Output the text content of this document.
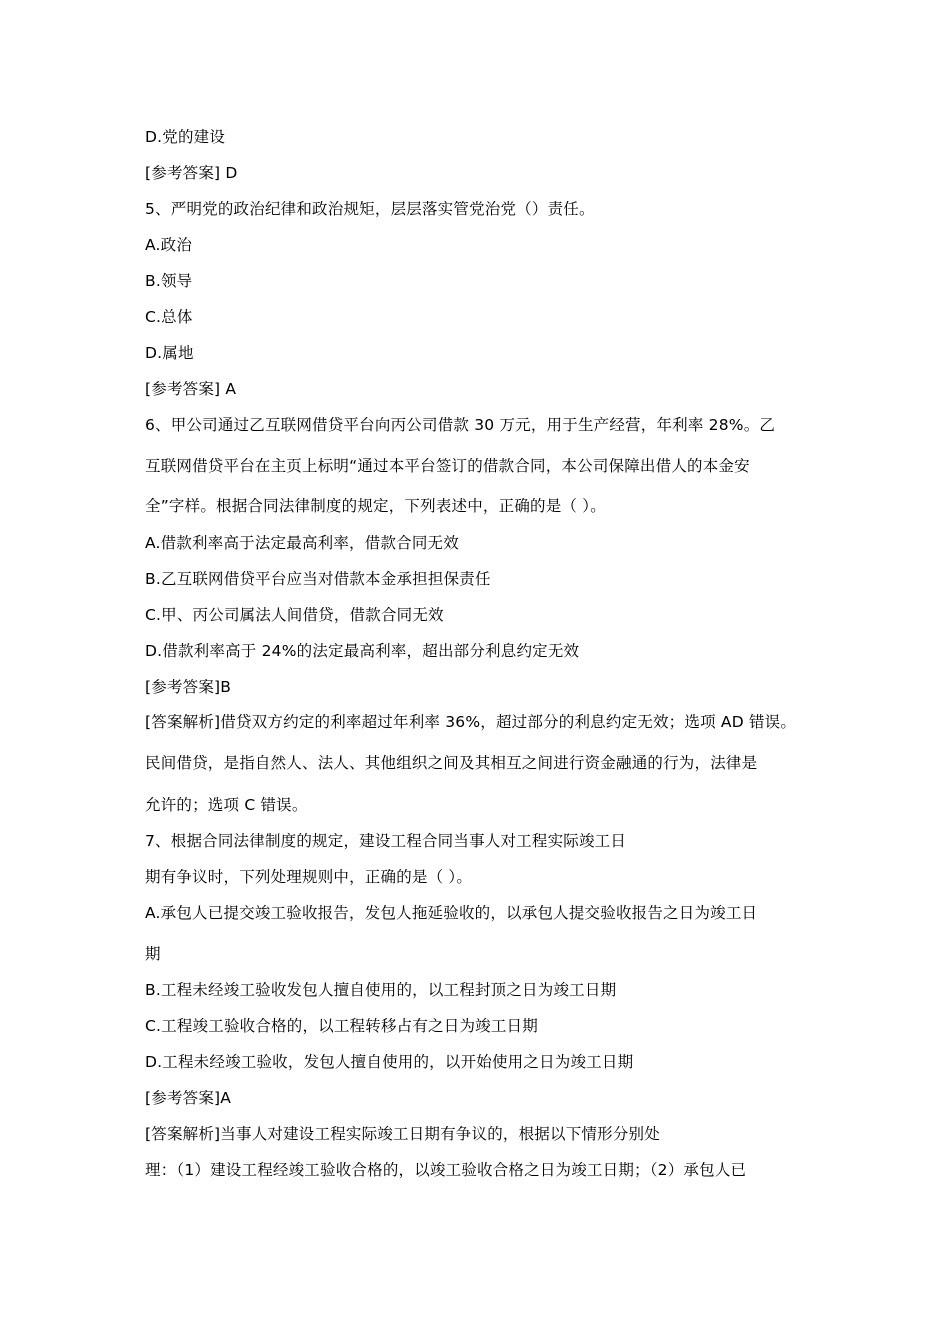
D.党的建设
[参考答案] D
5、严明党的政治纪律和政治规矩，层层落实管党治党（）责任。
A.政治
B.领导
C.总体
D.属地
[参考答案] A
6、甲公司通过乙互联网借贷平台向丙公司借款 30 万元，用于生产经营，年利率 28%。乙
互联网借贷平台在主页上标明“通过本平台签订的借款合同，本公司保障出借人的本金安
全”字样。根据合同法律制度的规定，下列表述中，正确的是（ ）。
A.借款利率高于法定最高利率，借款合同无效
B.乙互联网借贷平台应当对借款本金承担担保责任
C.甲、丙公司属法人间借贷，借款合同无效
D.借款利率高于 24%的法定最高利率，超出部分利息约定无效
[参考答案]B
[答案解析]借贷双方约定的利率超过年利率 36%，超过部分的利息约定无效；选项 AD 错误。
民间借贷，是指自然人、法人、其他组织之间及其相互之间进行资金融通的行为，法律是
允许的；选项 C 错误。
7、根据合同法律制度的规定，建设工程合同当事人对工程实际竣工日
期有争议时，下列处理规则中，正确的是（ ）。
A.承包人已提交竣工验收报告，发包人拖延验收的，以承包人提交验收报告之日为竣工日
期
B.工程未经竣工验收发包人擅自使用的，以工程封顶之日为竣工日期
C.工程竣工验收合格的，以工程转移占有之日为竣工日期
D.工程未经竣工验收，发包人擅自使用的，以开始使用之日为竣工日期
[参考答案]A
[答案解析]当事人对建设工程实际竣工日期有争议的，根据以下情形分别处
理：（1）建设工程经竣工验收合格的，以竣工验收合格之日为竣工日期；（2）承包人已
